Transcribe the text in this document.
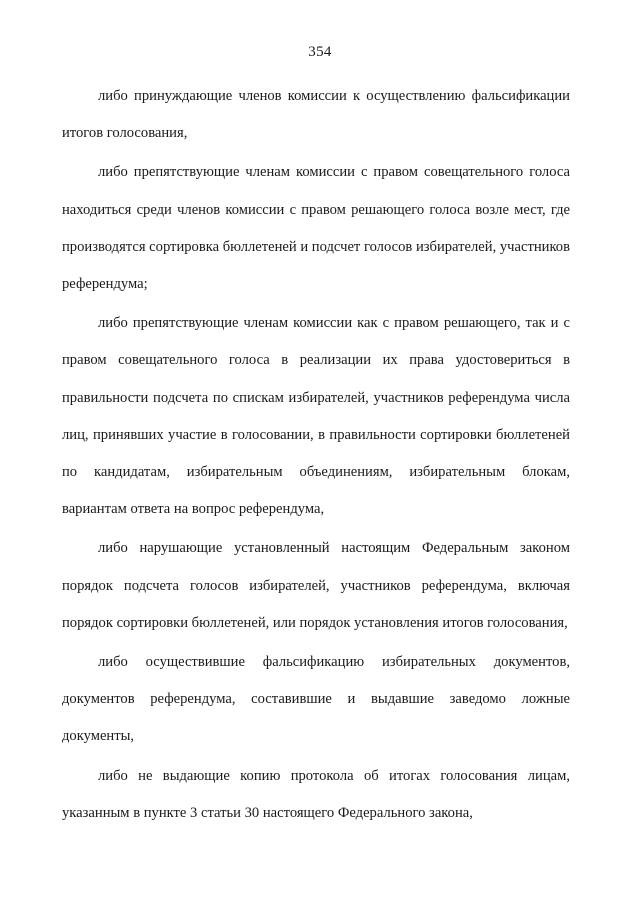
354

либо принуждающие членов комиссии к осуществлению фальсификации итогов голосования,

либо препятствующие членам комиссии с правом совещательного голоса находиться среди членов комиссии с правом решающего голоса возле мест, где производятся сортировка бюллетеней и подсчет голосов избирателей, участников референдума;

либо препятствующие членам комиссии как с правом решающего, так и с правом совещательного голоса в реализации их права удостовериться в правильности подсчета по спискам избирателей, участников референдума числа лиц, принявших участие в голосовании, в правильности сортировки бюллетеней по кандидатам, избирательным объединениям, избирательным блокам, вариантам ответа на вопрос референдума,

либо нарушающие установленный настоящим Федеральным законом порядок подсчета голосов избирателей, участников референдума, включая порядок сортировки бюллетеней, или порядок установления итогов голосования,

либо осуществившие фальсификацию избирательных документов, документов референдума, составившие и выдавшие заведомо ложные документы,

либо не выдающие копию протокола об итогах голосования лицам, указанным в пункте 3 статьи 30 настоящего Федерального закона,
